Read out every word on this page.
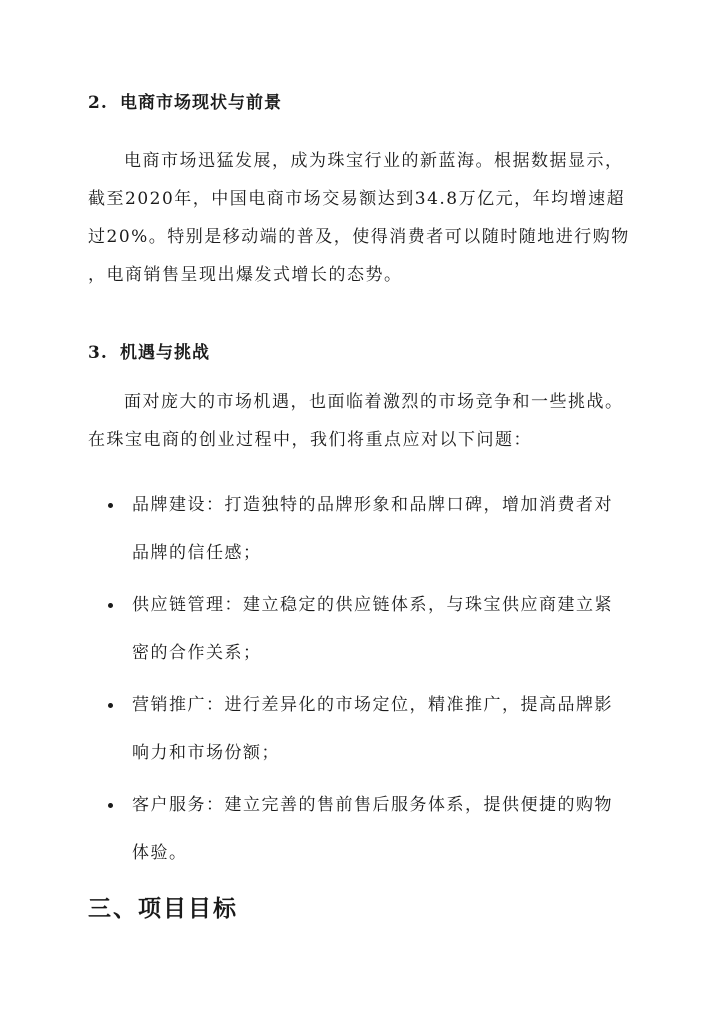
2. 电商市场现状与前景
电商市场迅猛发展，成为珠宝行业的新蓝海。根据数据显示，
截至2020年，中国电商市场交易额达到34.8万亿元，年均增速超
过20%。特别是移动端的普及，使得消费者可以随时随地进行购物
，电商销售呈现出爆发式增长的态势。
3. 机遇与挑战
面对庞大的市场机遇，也面临着激烈的市场竞争和一些挑战。
在珠宝电商的创业过程中，我们将重点应对以下问题：
品牌建设：打造独特的品牌形象和品牌口碑，增加消费者对
品牌的信任感；
供应链管理：建立稳定的供应链体系，与珠宝供应商建立紧
密的合作关系；
营销推广：进行差异化的市场定位，精准推广，提高品牌影
响力和市场份额；
客户服务：建立完善的售前售后服务体系，提供便捷的购物
体验。
三、项目目标
